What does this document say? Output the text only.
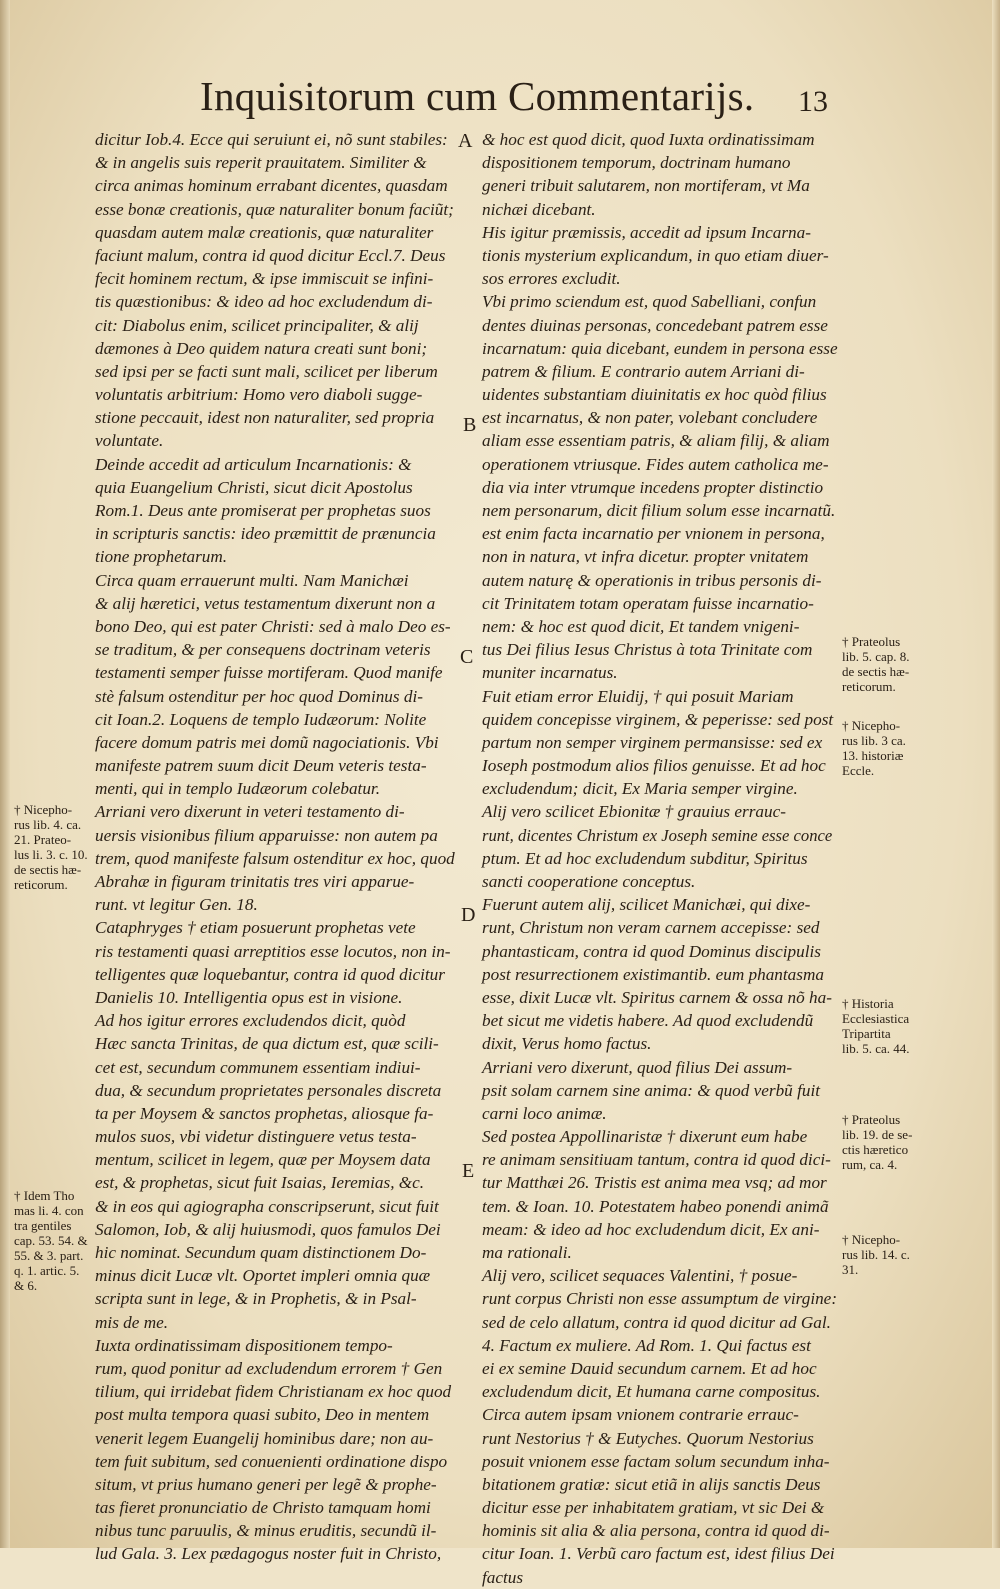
Inquisitorum cum Commentarijs.	13
dicitur Iob.4. Ecce qui seruiunt ei, nõ sunt stabiles:
& in angelis suis reperit prauitatem. Similiter &
circa animas hominum errabant dicentes, quasdam
esse bonæ creationis, quæ naturaliter bonum faciũt;
quasdam autem malæ creationis, quæ naturaliter
faciunt malum, contra id quod dicitur Eccl.7. Deus
fecit hominem rectum, & ipse immiscuit se infini-
tis quæstionibus: & ideo ad hoc excludendum di-
cit: Diabolus enim, scilicet principaliter, & alij
dæmones à Deo quidem natura creati sunt boni;
sed ipsi per se facti sunt mali, scilicet per liberum
voluntatis arbitrium: Homo vero diaboli sugge-
stione peccauit, idest non naturaliter, sed propria
voluntate.
Deinde accedit ad articulum Incarnationis: &
quia Euangelium Christi, sicut dicit Apostolus
Rom.1. Deus ante promiserat per prophetas suos
in scripturis sanctis: ideo præmittit de prænuncia
tione prophetarum.
Circa quam errauerunt multi. Nam Manichæi
& alij hæretici, vetus testamentum dixerunt non a
bono Deo, qui est pater Christi: sed à malo Deo es-
se traditum, & per consequens doctrinam veteris
testamenti semper fuisse mortiferam. Quod manife
stè falsum ostenditur per hoc quod Dominus di-
cit Ioan.2. Loquens de templo Iudæorum: Nolite
facere domum patris mei domũ nagociationis. Vbi
manifeste patrem suum dicit Deum veteris testa-
menti, qui in templo Iudæorum colebatur.
Arriani vero dixerunt in veteri testamento di-
uersis visionibus filium apparuisse: non autem pa
trem, quod manifeste falsum ostenditur ex hoc, quod
Abrahæ in figuram trinitatis tres viri apparue-
runt. vt legitur Gen. 18.
Cataphryges † etiam posuerunt prophetas vete
ris testamenti quasi arreptitios esse locutos, non in-
telligentes quæ loquebantur, contra id quod dicitur
Danielis 10. Intelligentia opus est in visione.
Ad hos igitur errores excludendos dicit, quòd
Hæc sancta Trinitas, de qua dictum est, quæ scili-
cet est, secundum communem essentiam indiui-
dua, & secundum proprietates personales discreta
ta per Moysem & sanctos prophetas, aliosque fa-
mulos suos, vbi videtur distinguere vetus testa-
mentum, scilicet in legem, quæ per Moysem data
est, & prophetas, sicut fuit Isaias, Ieremias, &c.
& in eos qui agiographa conscripserunt, sicut fuit
Salomon, Iob, & alij huiusmodi, quos famulos Dei
hic nominat. Secundum quam distinctionem Do-
minus dicit Lucæ vlt. Oportet impleri omnia quæ
scripta sunt in lege, & in Prophetis, & in Psal-
mis de me.
Iuxta ordinatissimam dispositionem tempo-
rum, quod ponitur ad excludendum errorem † Gen
tilium, qui irridebat fidem Christianam ex hoc quod
post multa tempora quasi subito, Deo in mentem
venerit legem Euangelij hominibus dare; non au-
tem fuit subitum, sed conuenienti ordinatione dispo
situm, vt prius humano generi per legẽ & prophe-
tas fieret pronunciatio de Christo tamquam homi
nibus tunc paruulis, & minus eruditis, secundũ il-
lud Gala. 3. Lex pædagogus noster fuit in Christo,
& hoc est quod dicit, quod Iuxta ordinatissimam
dispositionem temporum, doctrinam humano
generi tribuit salutarem, non mortiferam, vt Ma
nichæi dicebant.
His igitur præmissis, accedit ad ipsum Incarna-
tionis mysterium explicandum, in quo etiam diuer-
sos errores excludit.
Vbi primo sciendum est, quod Sabelliani, confun
dentes diuinas personas, concedebant patrem esse
incarnatum: quia dicebant, eundem in persona esse
patrem & filium. E contrario autem Arriani di-
uidentes substantiam diuinitatis ex hoc quòd filius
est incarnatus, & non pater, volebant concludere
aliam esse essentiam patris, & aliam filij, & aliam
operationem vtriusque. Fides autem catholica me-
dia via inter vtrumque incedens propter distinctio
nem personarum, dicit filium solum esse incarnatũ.
est enim facta incarnatio per vnionem in persona,
non in natura, vt infra dicetur. propter vnitatem
autem naturę & operationis in tribus personis di-
cit Trinitatem totam operatam fuisse incarnatio-
nem: & hoc est quod dicit, Et tandem vnigeni-
tus Dei filius Iesus Christus à tota Trinitate com
muniter incarnatus.
Fuit etiam error Eluidij, † qui posuit Mariam
quidem concepisse virginem, & peperisse: sed post
partum non semper virginem permansisse: sed ex
Ioseph postmodum alios filios genuisse. Et ad hoc
excludendum; dicit, Ex Maria semper virgine.
Alij vero scilicet Ebionitæ † grauius errauc-
runt, dicentes Christum ex Joseph semine esse conce
ptum. Et ad hoc excludendum subditur, Spiritus
sancti cooperatione conceptus.
Fuerunt autem alij, scilicet Manichæi, qui dixe-
runt, Christum non veram carnem accepisse: sed
phantasticam, contra id quod Dominus discipulis
post resurrectionem existimantib. eum phantasma
esse, dixit Lucæ vlt. Spiritus carnem & ossa nõ ha-
bet sicut me videtis habere. Ad quod excludendũ
dixit, Verus homo factus.
Arriani vero dixerunt, quod filius Dei assum-
psit solam carnem sine anima: & quod verbũ fuit
carni loco animæ.
Sed postea Appollinaristæ † dixerunt eum habe
re animam sensitiuam tantum, contra id quod dici-
tur Matthæi 26. Tristis est anima mea vsq; ad mor
tem. & Ioan. 10. Potestatem habeo ponendi animã
meam: & ideo ad hoc excludendum dicit, Ex ani-
ma rationali.
Alij vero, scilicet sequaces Valentini, † posue-
runt corpus Christi non esse assumptum de virgine:
sed de celo allatum, contra id quod dicitur ad Gal.
4. Factum ex muliere. Ad Rom. 1. Qui factus est
ei ex semine Dauid secundum carnem. Et ad hoc
excludendum dicit, Et humana carne compositus.
Circa autem ipsam vnionem contrarie errauc-
runt Nestorius † & Eutyches. Quorum Nestorius
posuit vnionem esse factam solum secundum inha-
bitationem gratiæ: sicut etiã in alijs sanctis Deus
dicitur esse per inhabitatem gratiam, vt sic Dei &
hominis sit alia & alia persona, contra id quod di-
citur Ioan. 1. Verbũ caro factum est, idest filius Dei
factus
A
B
C
D
E
† Nicepho-
rus lib. 4. ca.
21. Prateo-
lus li. 3. c. 10.
de sectis hæ-
reticorum.
† Idem Tho
mas li. 4. con
tra gentiles
cap. 53. 54. &
55. & 3. part.
q. 1. artic. 5.
& 6.
† Prateolus
lib. 5. cap. 8.
de sectis hæ-
reticorum.
† Nicepho-
rus lib. 3 ca.
13. historiæ
Eccle.
† Historia
Ecclesiastica
Tripartita
lib. 5. ca. 44.
† Prateolus
lib. 19. de se-
ctis hæretico
rum, ca. 4.
† Nicepho-
rus lib. 14. c.
31.
